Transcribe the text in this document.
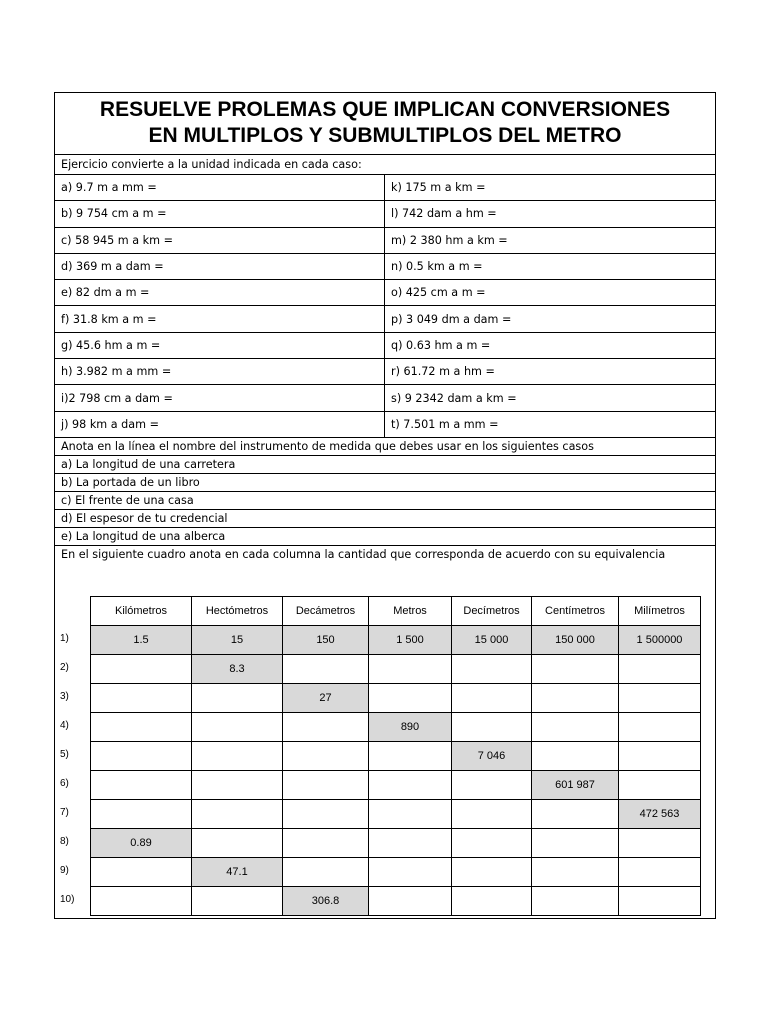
RESUELVE PROLEMAS QUE IMPLICAN CONVERSIONES
EN MULTIPLOS Y SUBMULTIPLOS DEL METRO
Ejercicio convierte a la unidad indicada en cada caso:
a) 9.7 m a mm =	k) 175 m a km =
b) 9 754 cm a m =	l) 742 dam a hm =
c) 58 945 m a km =	m) 2 380 hm a km =
d) 369 m a dam =	n) 0.5 km a m =
e) 82 dm a m =	o) 425 cm a m =
f) 31.8 km a m =	p) 3 049 dm a dam =
g) 45.6 hm a m =	q) 0.63 hm a m =
h) 3.982 m a mm =	r) 61.72 m a hm =
i)2 798 cm a dam =	s) 9 2342 dam a km =
j) 98 km a dam =	t) 7.501 m a mm =
Anota en la línea el nombre del instrumento de medida que debes usar en los siguientes casos
a) La longitud de una carretera
b) La portada de un libro
c) El frente de una casa
d) El espesor de tu credencial
e) La longitud de una alberca
En el siguiente cuadro anota en cada columna la cantidad que corresponda de acuerdo con su equivalencia
	Kilómetros	Hectómetros	Decámetros	Metros	Decímetros	Centímetros	Milímetros

1)	1.5	15	150	1 500	15 000	150 000	1 500000

2)		8.3					

3)			27				

4)				890			

5)					7 046		

6)						601 987	

7)							472 563

8)	0.89						

9)		47.1					

10)			306.8				
